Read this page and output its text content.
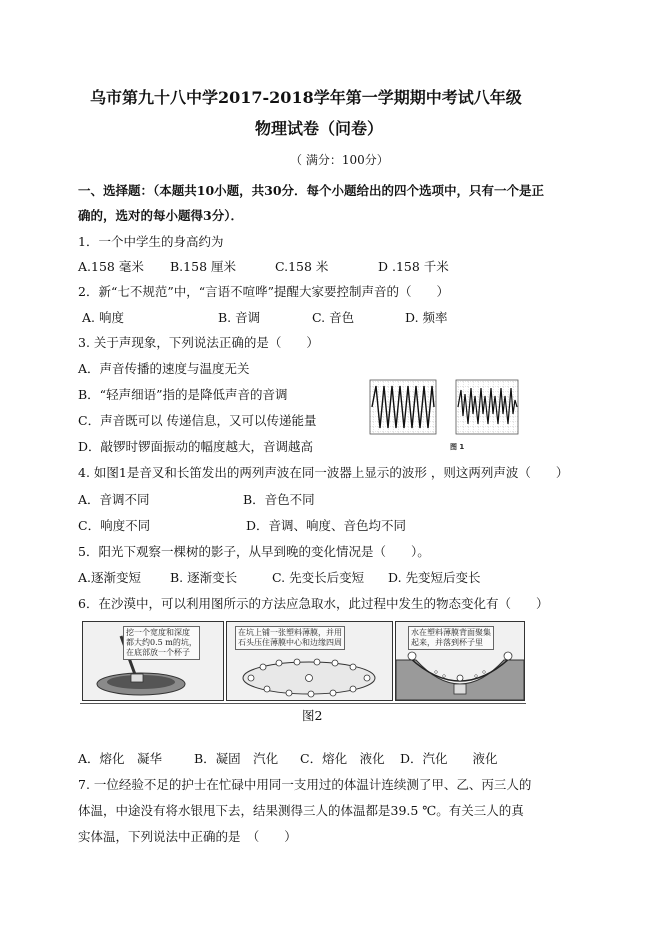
乌市第九十八中学2017-2018学年第一学期期中考试八年级
物理试卷（问卷）
（ 满分：100分）
一、选择题：（本题共10小题，共30分．每个小题给出的四个选项中，只有一个是正
确的，选对的每小题得3分）．
1．一个中学生的身高约为
A.158 毫米 B.158 厘米	C.158 米	D .158 千米
2．新“七不规范”中，“言语不喧哗”提醒大家要控制声音的（　　）
A. 响度	B. 音调	C. 音色	D. 频率
3. 关于声现象，下列说法正确的是（　　）
A．声音传播的速度与温度无关
B．“轻声细语”指的是降低声音的音调
C．声音既可以 传递信息，又可以传递能量
D．敲锣时锣面振动的幅度越大，音调越高	图 1
4. 如图1是音叉和长笛发出的两列声波在同一波器上显示的波形 ，则这两列声波（　　）
A．音调不同	B．音色不同
C．响度不同	D．音调、响度、音色均不同
5．阳光下观察一棵树的影子，从早到晚的变化情况是（　　）。
A.逐渐变短 B. 逐渐变长	C. 先变长后变短 D. 先变短后变长
6．在沙漠中，可以利用图所示的方法应急取水，此过程中发生的物态变化有（　　）
挖一个宽度和深度
都大约0.5 m的坑，
在底部放一个杯子
在坑上铺一张塑料薄膜，并用
石头压住薄膜中心和边缘四周
水在塑料薄膜背面聚集
起来，并落到杯子里
图2
A．熔化　凝华	B．凝固　汽化 C．熔化　液化 D．汽化　　液化
7. 一位经验不足的护士在忙碌中用同一支用过的体温计连续测了甲、乙、丙三人的
体温，中途没有将水银甩下去，结果测得三人的体温都是39.5 ℃。有关三人的真
实体温，下列说法中正确的是　（　　）
